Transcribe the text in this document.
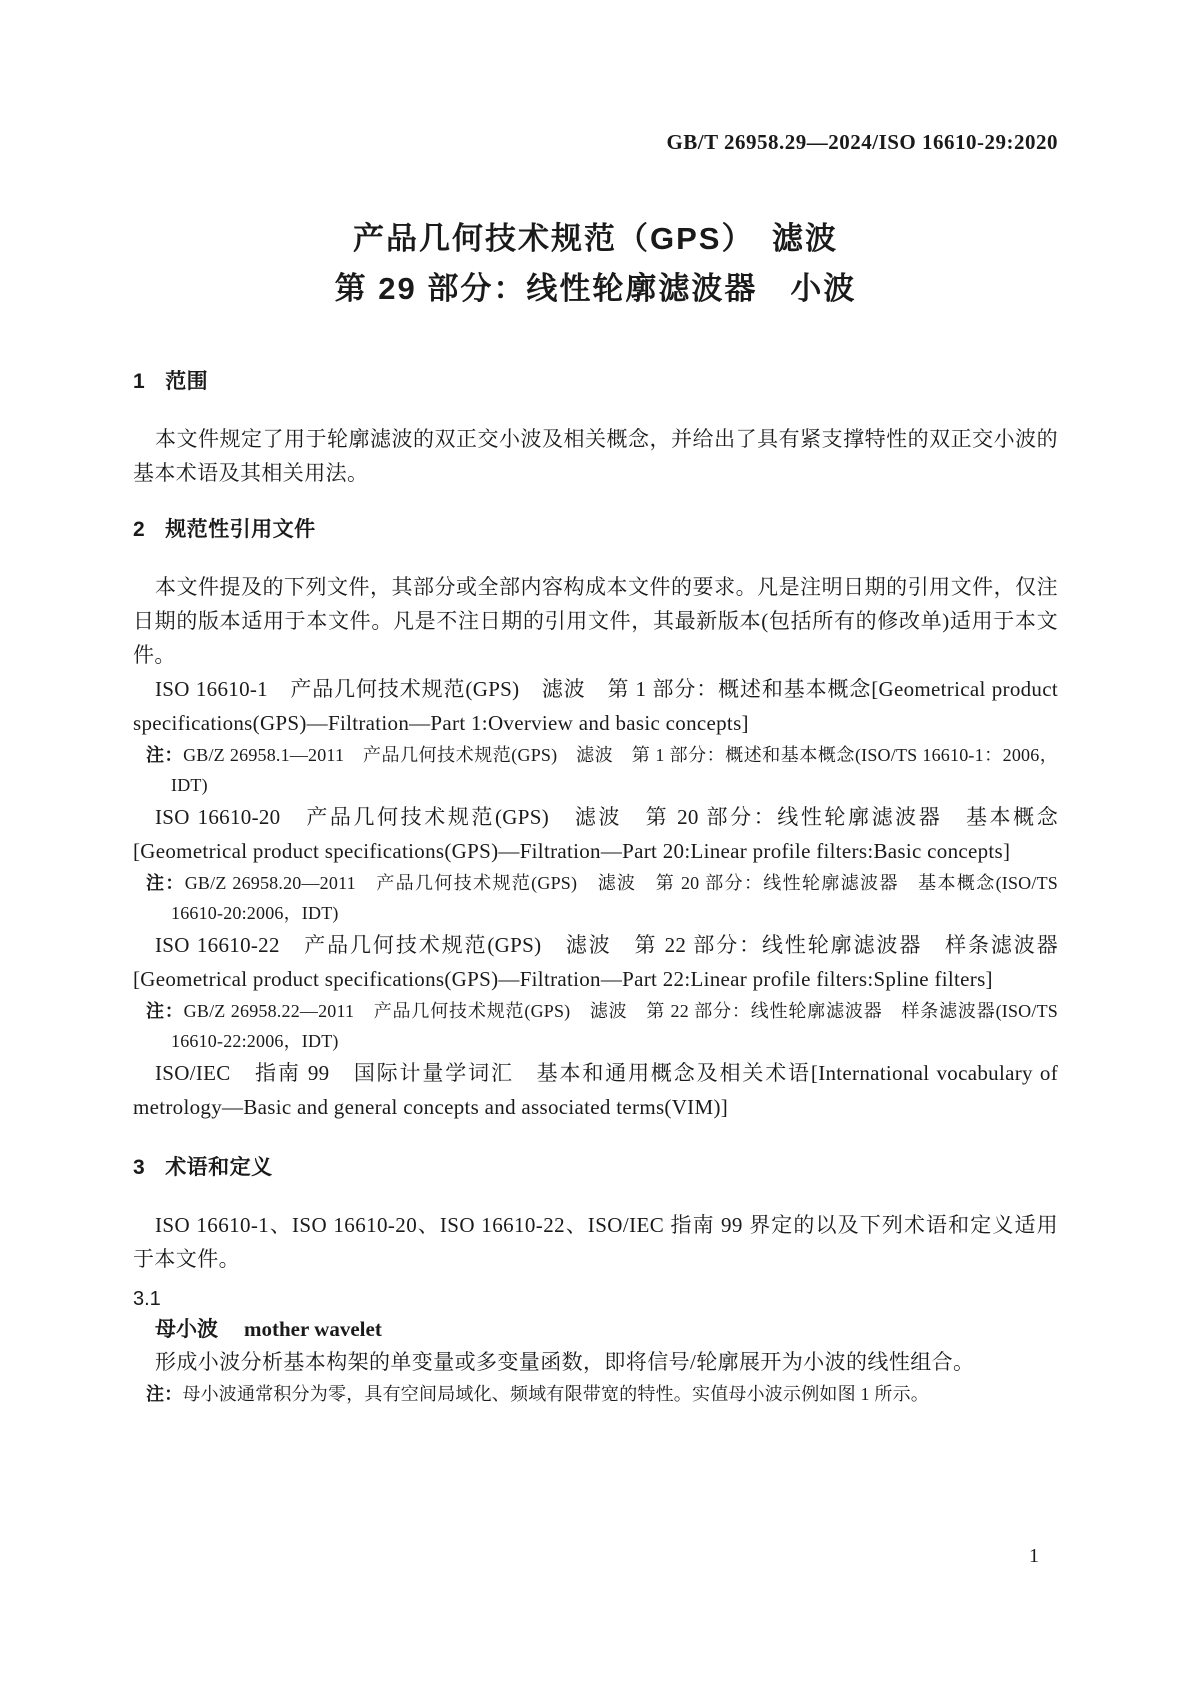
GB/T 26958.29—2024/ISO 16610-29:2020
产品几何技术规范（GPS）　滤波
第 29 部分：线性轮廓滤波器　小波
1 范围

本文件规定了用于轮廓滤波的双正交小波及相关概念，并给出了具有紧支撑特性的双正交小波的基本术语及其相关用法。

2 规范性引用文件

本文件提及的下列文件，其部分或全部内容构成本文件的要求。凡是注明日期的引用文件，仅注日期的版本适用于本文件。凡是不注日期的引用文件，其最新版本(包括所有的修改单)适用于本文件。

ISO 16610-1　产品几何技术规范(GPS)　滤波　第 1 部分：概述和基本概念[Geometrical product specifications(GPS)—Filtration—Part 1:Overview and basic concepts]

注：GB/Z 26958.1—2011　产品几何技术规范(GPS)　滤波　第 1 部分：概述和基本概念(ISO/TS 16610-1：2006，IDT)

ISO 16610-20　产品几何技术规范(GPS)　滤波　第 20 部分：线性轮廓滤波器　基本概念[Geometrical product specifications(GPS)—Filtration—Part 20:Linear profile filters:Basic concepts]

注：GB/Z 26958.20—2011　产品几何技术规范(GPS)　滤波　第 20 部分：线性轮廓滤波器　基本概念(ISO/TS 16610-20:2006，IDT)

ISO 16610-22　产品几何技术规范(GPS)　滤波　第 22 部分：线性轮廓滤波器　样条滤波器[Geometrical product specifications(GPS)—Filtration—Part 22:Linear profile filters:Spline filters]

注：GB/Z 26958.22—2011　产品几何技术规范(GPS)　滤波　第 22 部分：线性轮廓滤波器　样条滤波器(ISO/TS 16610-22:2006，IDT)

ISO/IEC　指南 99　国际计量学词汇　基本和通用概念及相关术语[International vocabulary of metrology—Basic and general concepts and associated terms(VIM)]

3 术语和定义

ISO 16610-1、ISO 16610-20、ISO 16610-22、ISO/IEC 指南 99 界定的以及下列术语和定义适用于本文件。

3.1
母小波 mother wavelet

形成小波分析基本构架的单变量或多变量函数，即将信号/轮廓展开为小波的线性组合。

注：母小波通常积分为零，具有空间局域化、频域有限带宽的特性。实值母小波示例如图 1 所示。

1
